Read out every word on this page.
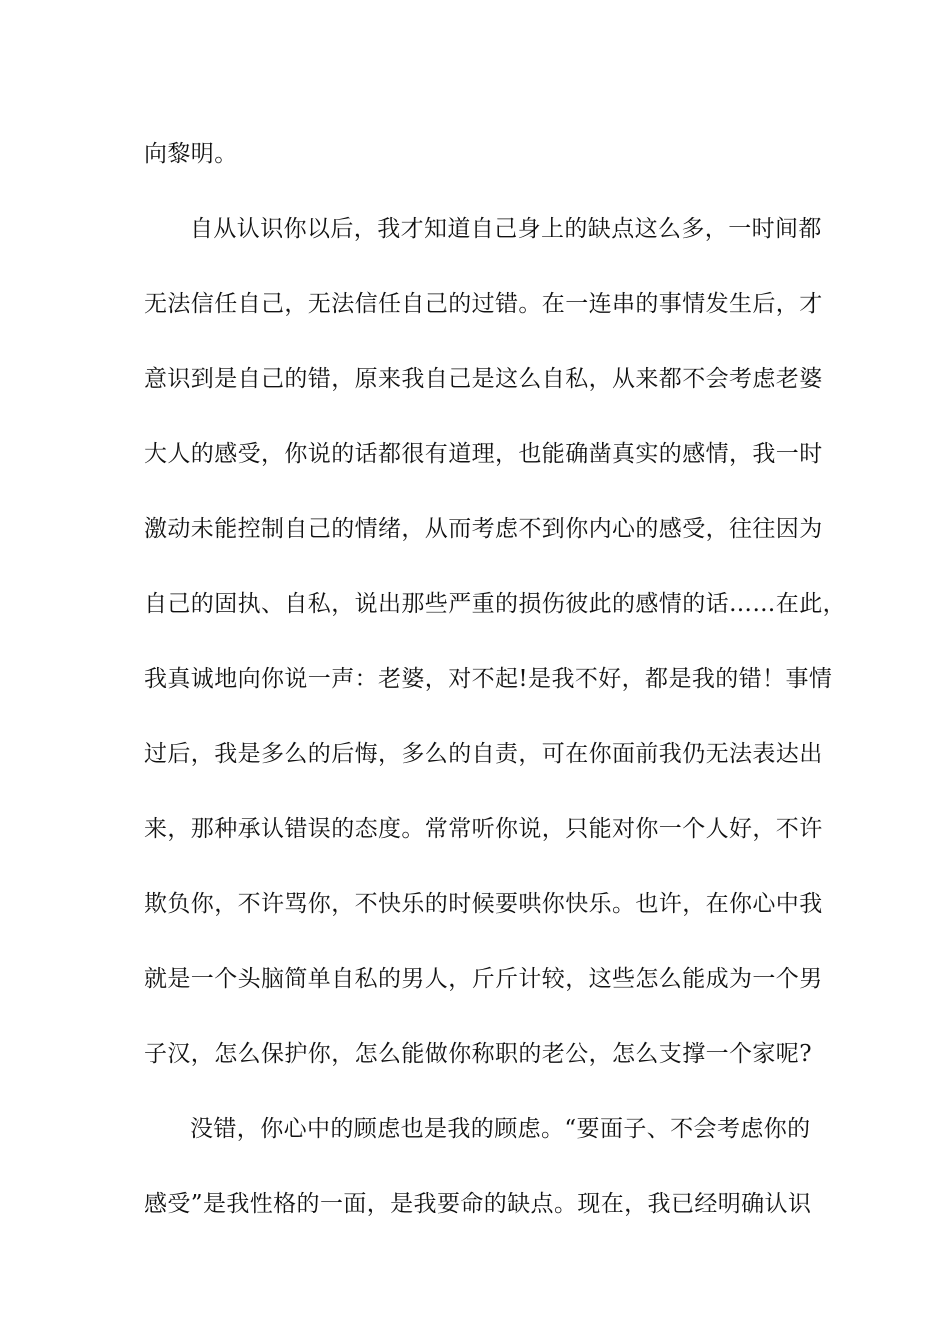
向黎明。
自从认识你以后，我才知道自己身上的缺点这么多，一时间都
无法信任自己，无法信任自己的过错。在一连串的事情发生后，才
意识到是自己的错，原来我自己是这么自私，从来都不会考虑老婆
大人的感受，你说的话都很有道理，也能确凿真实的感情，我一时
激动未能控制自己的情绪，从而考虑不到你内心的感受，往往因为
自己的固执、自私，说出那些严重的损伤彼此的感情的话……在此，
我真诚地向你说一声：老婆，对不起!是我不好，都是我的错！事情
过后，我是多么的后悔，多么的自责，可在你面前我仍无法表达出
来，那种承认错误的态度。常常听你说，只能对你一个人好，不许
欺负你，不许骂你，不快乐的时候要哄你快乐。也许，在你心中我
就是一个头脑简单自私的男人，斤斤计较，这些怎么能成为一个男
子汉，怎么保护你，怎么能做你称职的老公，怎么支撑一个家呢?
没错，你心中的顾虑也是我的顾虑。“要面子、不会考虑你的
感受”是我性格的一面，是我要命的缺点。现在，我已经明确认识
